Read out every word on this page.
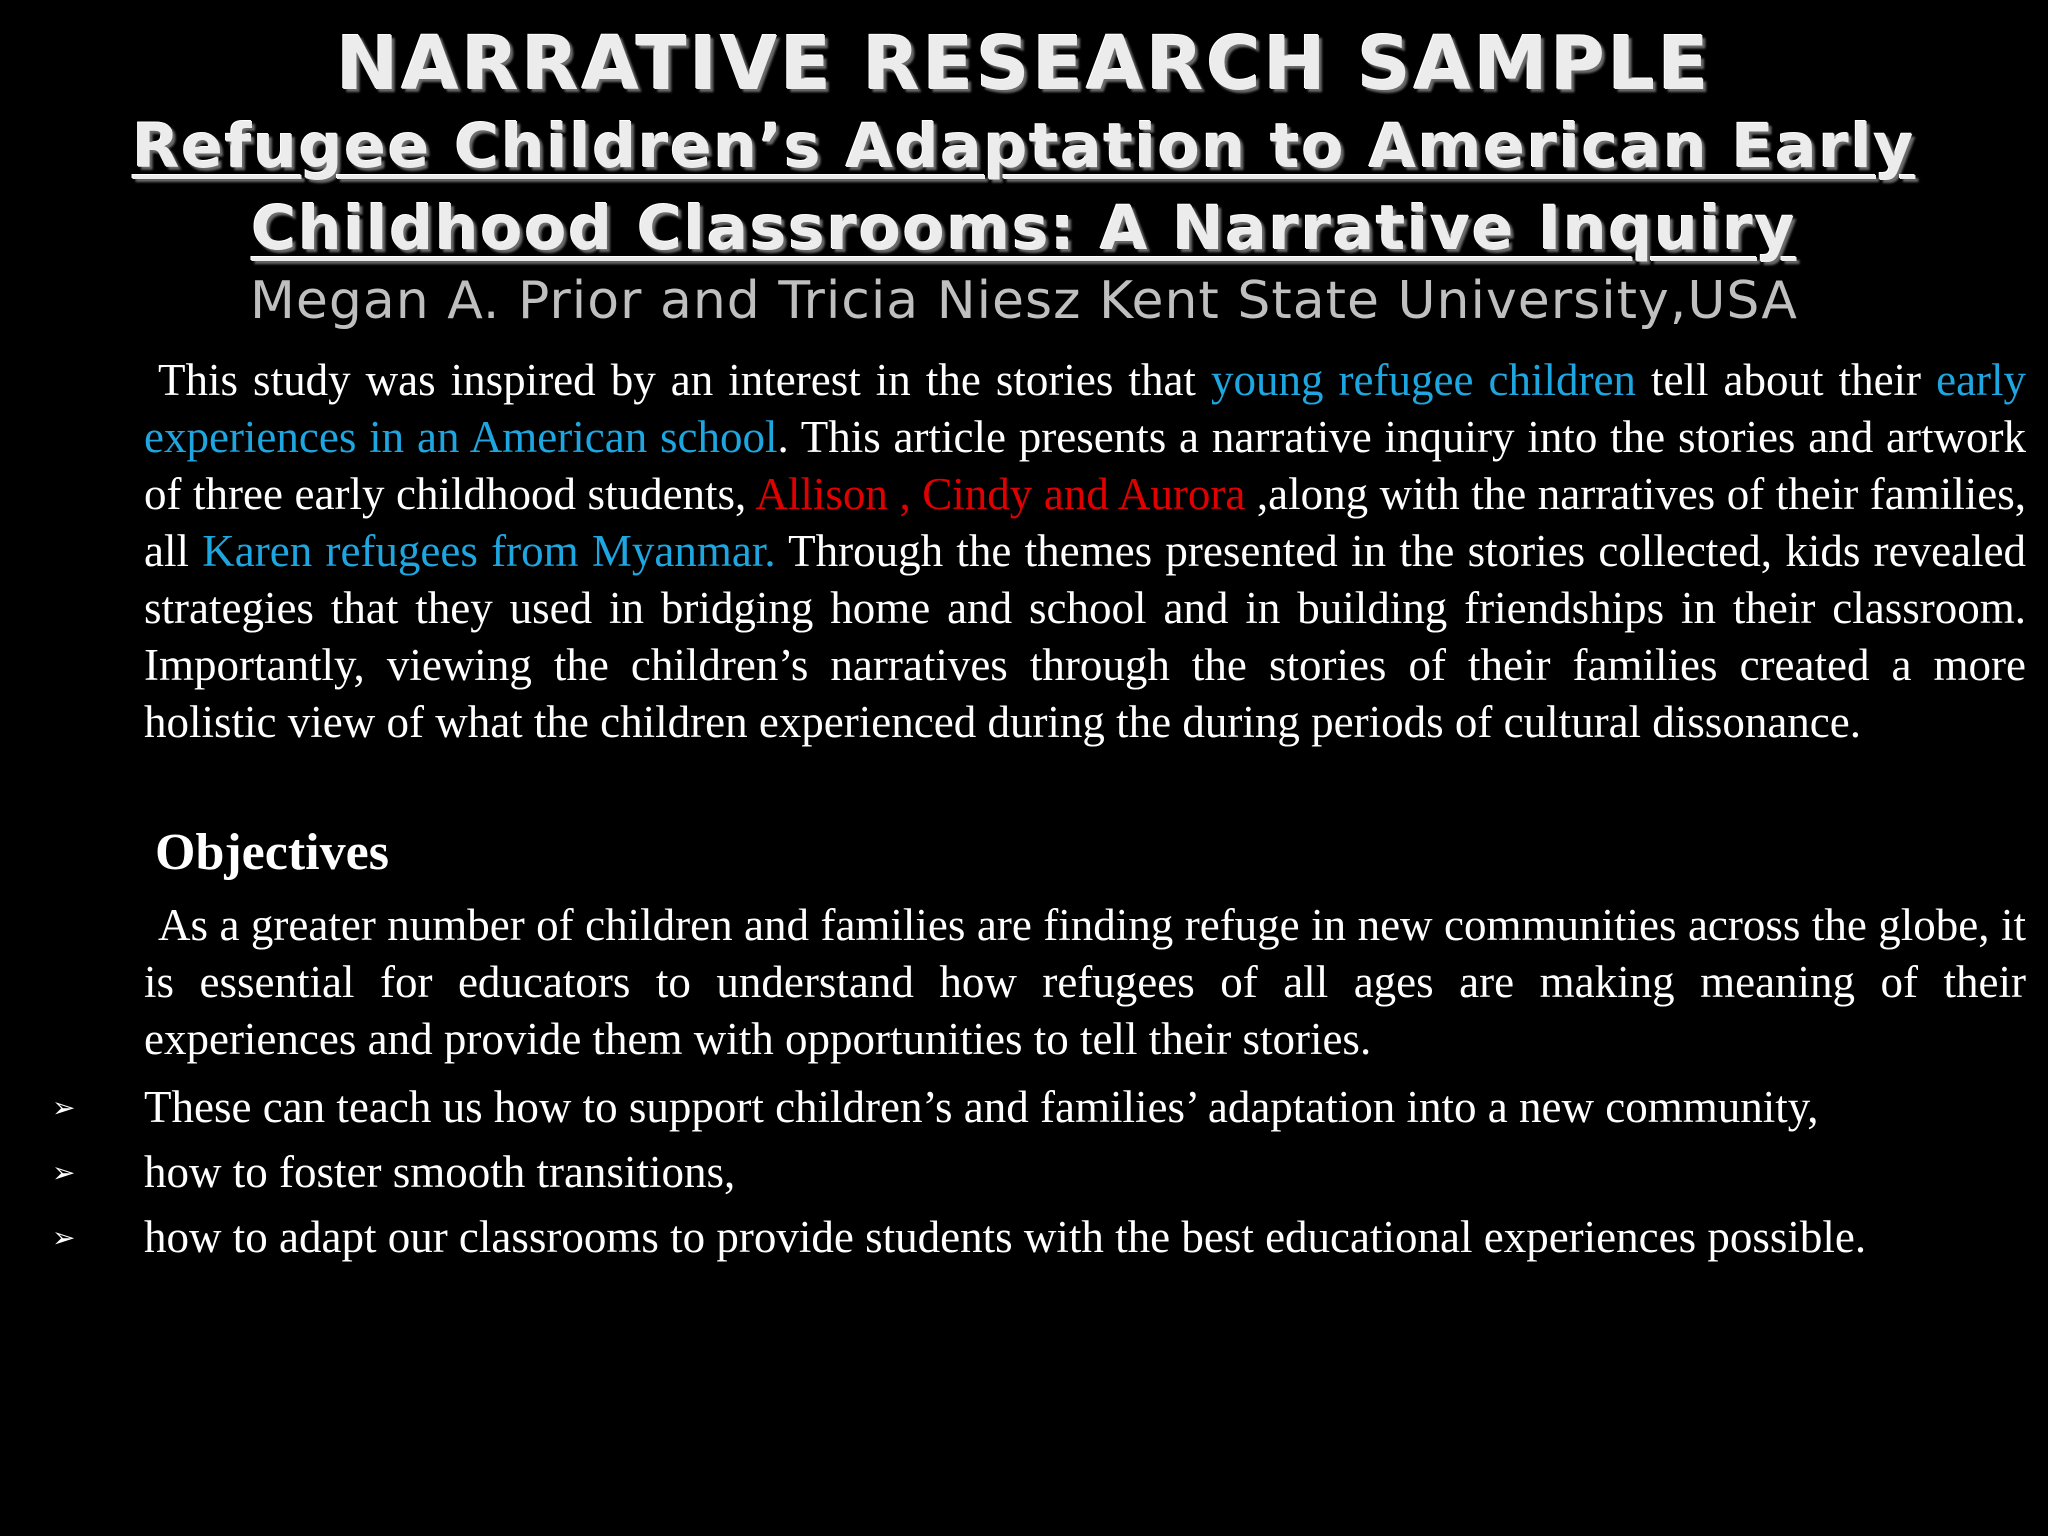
NARRATIVE RESEARCH SAMPLE
Refugee Children’s Adaptation to American Early
Childhood Classrooms: A Narrative Inquiry
Megan A. Prior and Tricia Niesz Kent State University,USA
This study was inspired by an interest in the stories that young refugee children tell about their early experiences in an American school. This article presents a narrative inquiry into the stories and artwork of three early childhood students, Allison , Cindy and Aurora ,along with the narratives of their families, all Karen refugees from Myanmar. Through the themes presented in the stories collected, kids revealed strategies that they used in bridging home and school and in building friendships in their classroom. Importantly, viewing the children’s narratives through the stories of their families created a more holistic view of what the children experienced during the during periods of cultural dissonance.
Objectives
As a greater number of children and families are finding refuge in new communities across the globe, it is essential for educators to understand how refugees of all ages are making meaning of their experiences and provide them with opportunities to tell their stories.
➢ These can teach us how to support children’s and families’ adaptation into a new community,
➢ how to foster smooth transitions,
➢ how to adapt our classrooms to provide students with the best educational experiences possible.
